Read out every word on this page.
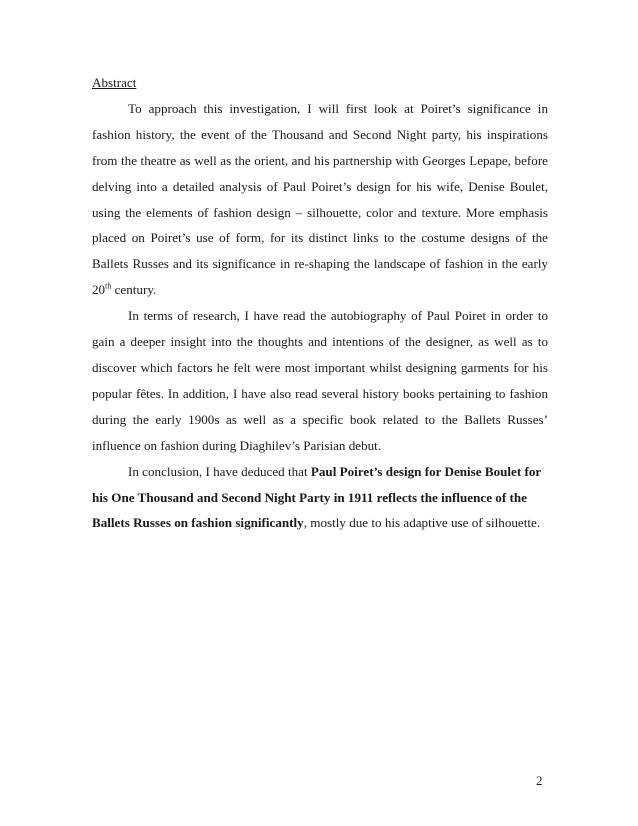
Abstract

To approach this investigation, I will first look at Poiret’s significance in fashion history, the event of the Thousand and Second Night party, his inspirations from the theatre as well as the orient, and his partnership with Georges Lepape, before delving into a detailed analysis of Paul Poiret’s design for his wife, Denise Boulet, using the elements of fashion design – silhouette, color and texture. More emphasis placed on Poiret’s use of form, for its distinct links to the costume designs of the Ballets Russes and its significance in re-shaping the landscape of fashion in the early 20th century.

In terms of research, I have read the autobiography of Paul Poiret in order to gain a deeper insight into the thoughts and intentions of the designer, as well as to discover which factors he felt were most important whilst designing garments for his popular fêtes. In addition, I have also read several history books pertaining to fashion during the early 1900s as well as a specific book related to the Ballets Russes’ influence on fashion during Diaghilev’s Parisian debut.

In conclusion, I have deduced that Paul Poiret’s design for Denise Boulet for his One Thousand and Second Night Party in 1911 reflects the influence of the Ballets Russes on fashion significantly, mostly due to his adaptive use of silhouette.

2
